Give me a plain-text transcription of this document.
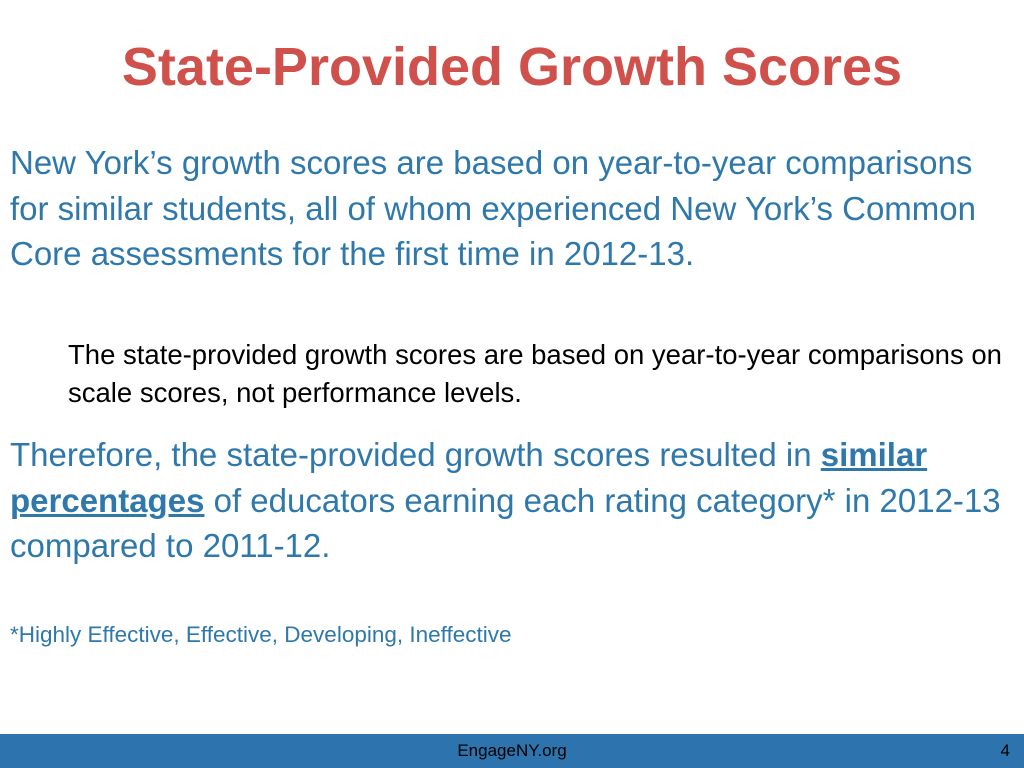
State-Provided Growth Scores

New York’s growth scores are based on year-to-year comparisons for similar students, all of whom experienced New York’s Common Core assessments for the first time in 2012-13.

The state-provided growth scores are based on year-to-year comparisons on scale scores, not performance levels.

Therefore, the state-provided growth scores resulted in similar percentages of educators earning each rating category* in 2012-13 compared to 2011-12.

*Highly Effective, Effective, Developing, Ineffective

EngageNY.org	4
